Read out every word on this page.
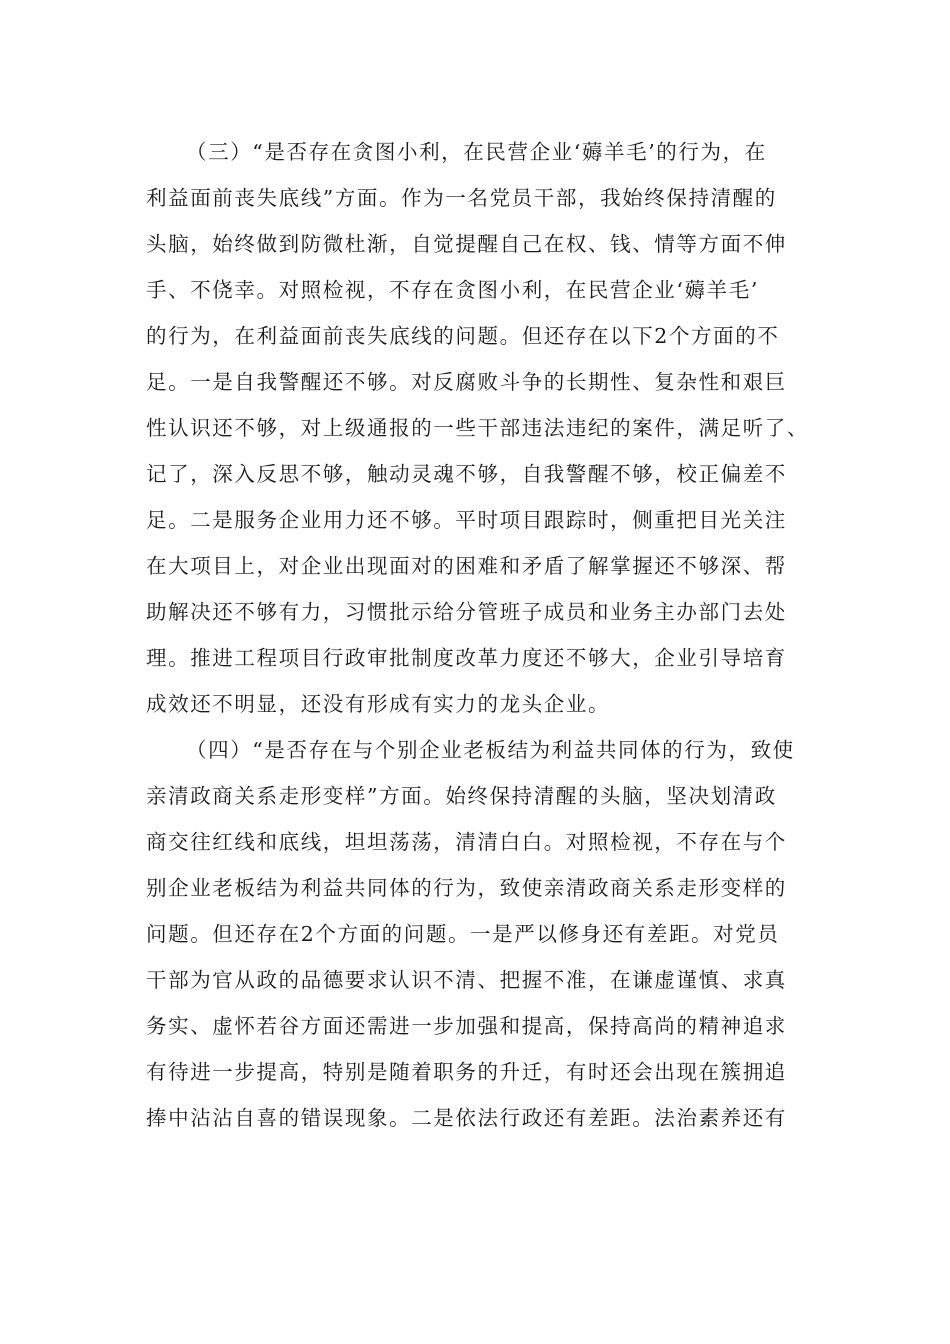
（三）“是否存在贪图小利，在民营企业‘薅羊毛’的行为，在
利益面前丧失底线”方面。作为一名党员干部，我始终保持清醒的
头脑，始终做到防微杜渐，自觉提醒自己在权、钱、情等方面不伸
手、不侥幸。对照检视，不存在贪图小利，在民营企业‘薅羊毛’
的行为，在利益面前丧失底线的问题。但还存在以下2个方面的不
足。一是自我警醒还不够。对反腐败斗争的长期性、复杂性和艰巨
性认识还不够，对上级通报的一些干部违法违纪的案件，满足听了、
记了，深入反思不够，触动灵魂不够，自我警醒不够，校正偏差不
足。二是服务企业用力还不够。平时项目跟踪时，侧重把目光关注
在大项目上，对企业出现面对的困难和矛盾了解掌握还不够深、帮
助解决还不够有力，习惯批示给分管班子成员和业务主办部门去处
理。推进工程项目行政审批制度改革力度还不够大，企业引导培育
成效还不明显，还没有形成有实力的龙头企业。
（四）“是否存在与个别企业老板结为利益共同体的行为，致使
亲清政商关系走形变样”方面。始终保持清醒的头脑，坚决划清政
商交往红线和底线，坦坦荡荡，清清白白。对照检视，不存在与个
别企业老板结为利益共同体的行为，致使亲清政商关系走形变样的
问题。但还存在2个方面的问题。一是严以修身还有差距。对党员
干部为官从政的品德要求认识不清、把握不准，在谦虚谨慎、求真
务实、虚怀若谷方面还需进一步加强和提高，保持高尚的精神追求
有待进一步提高，特别是随着职务的升迁，有时还会出现在簇拥追
捧中沾沾自喜的错误现象。二是依法行政还有差距。法治素养还有
